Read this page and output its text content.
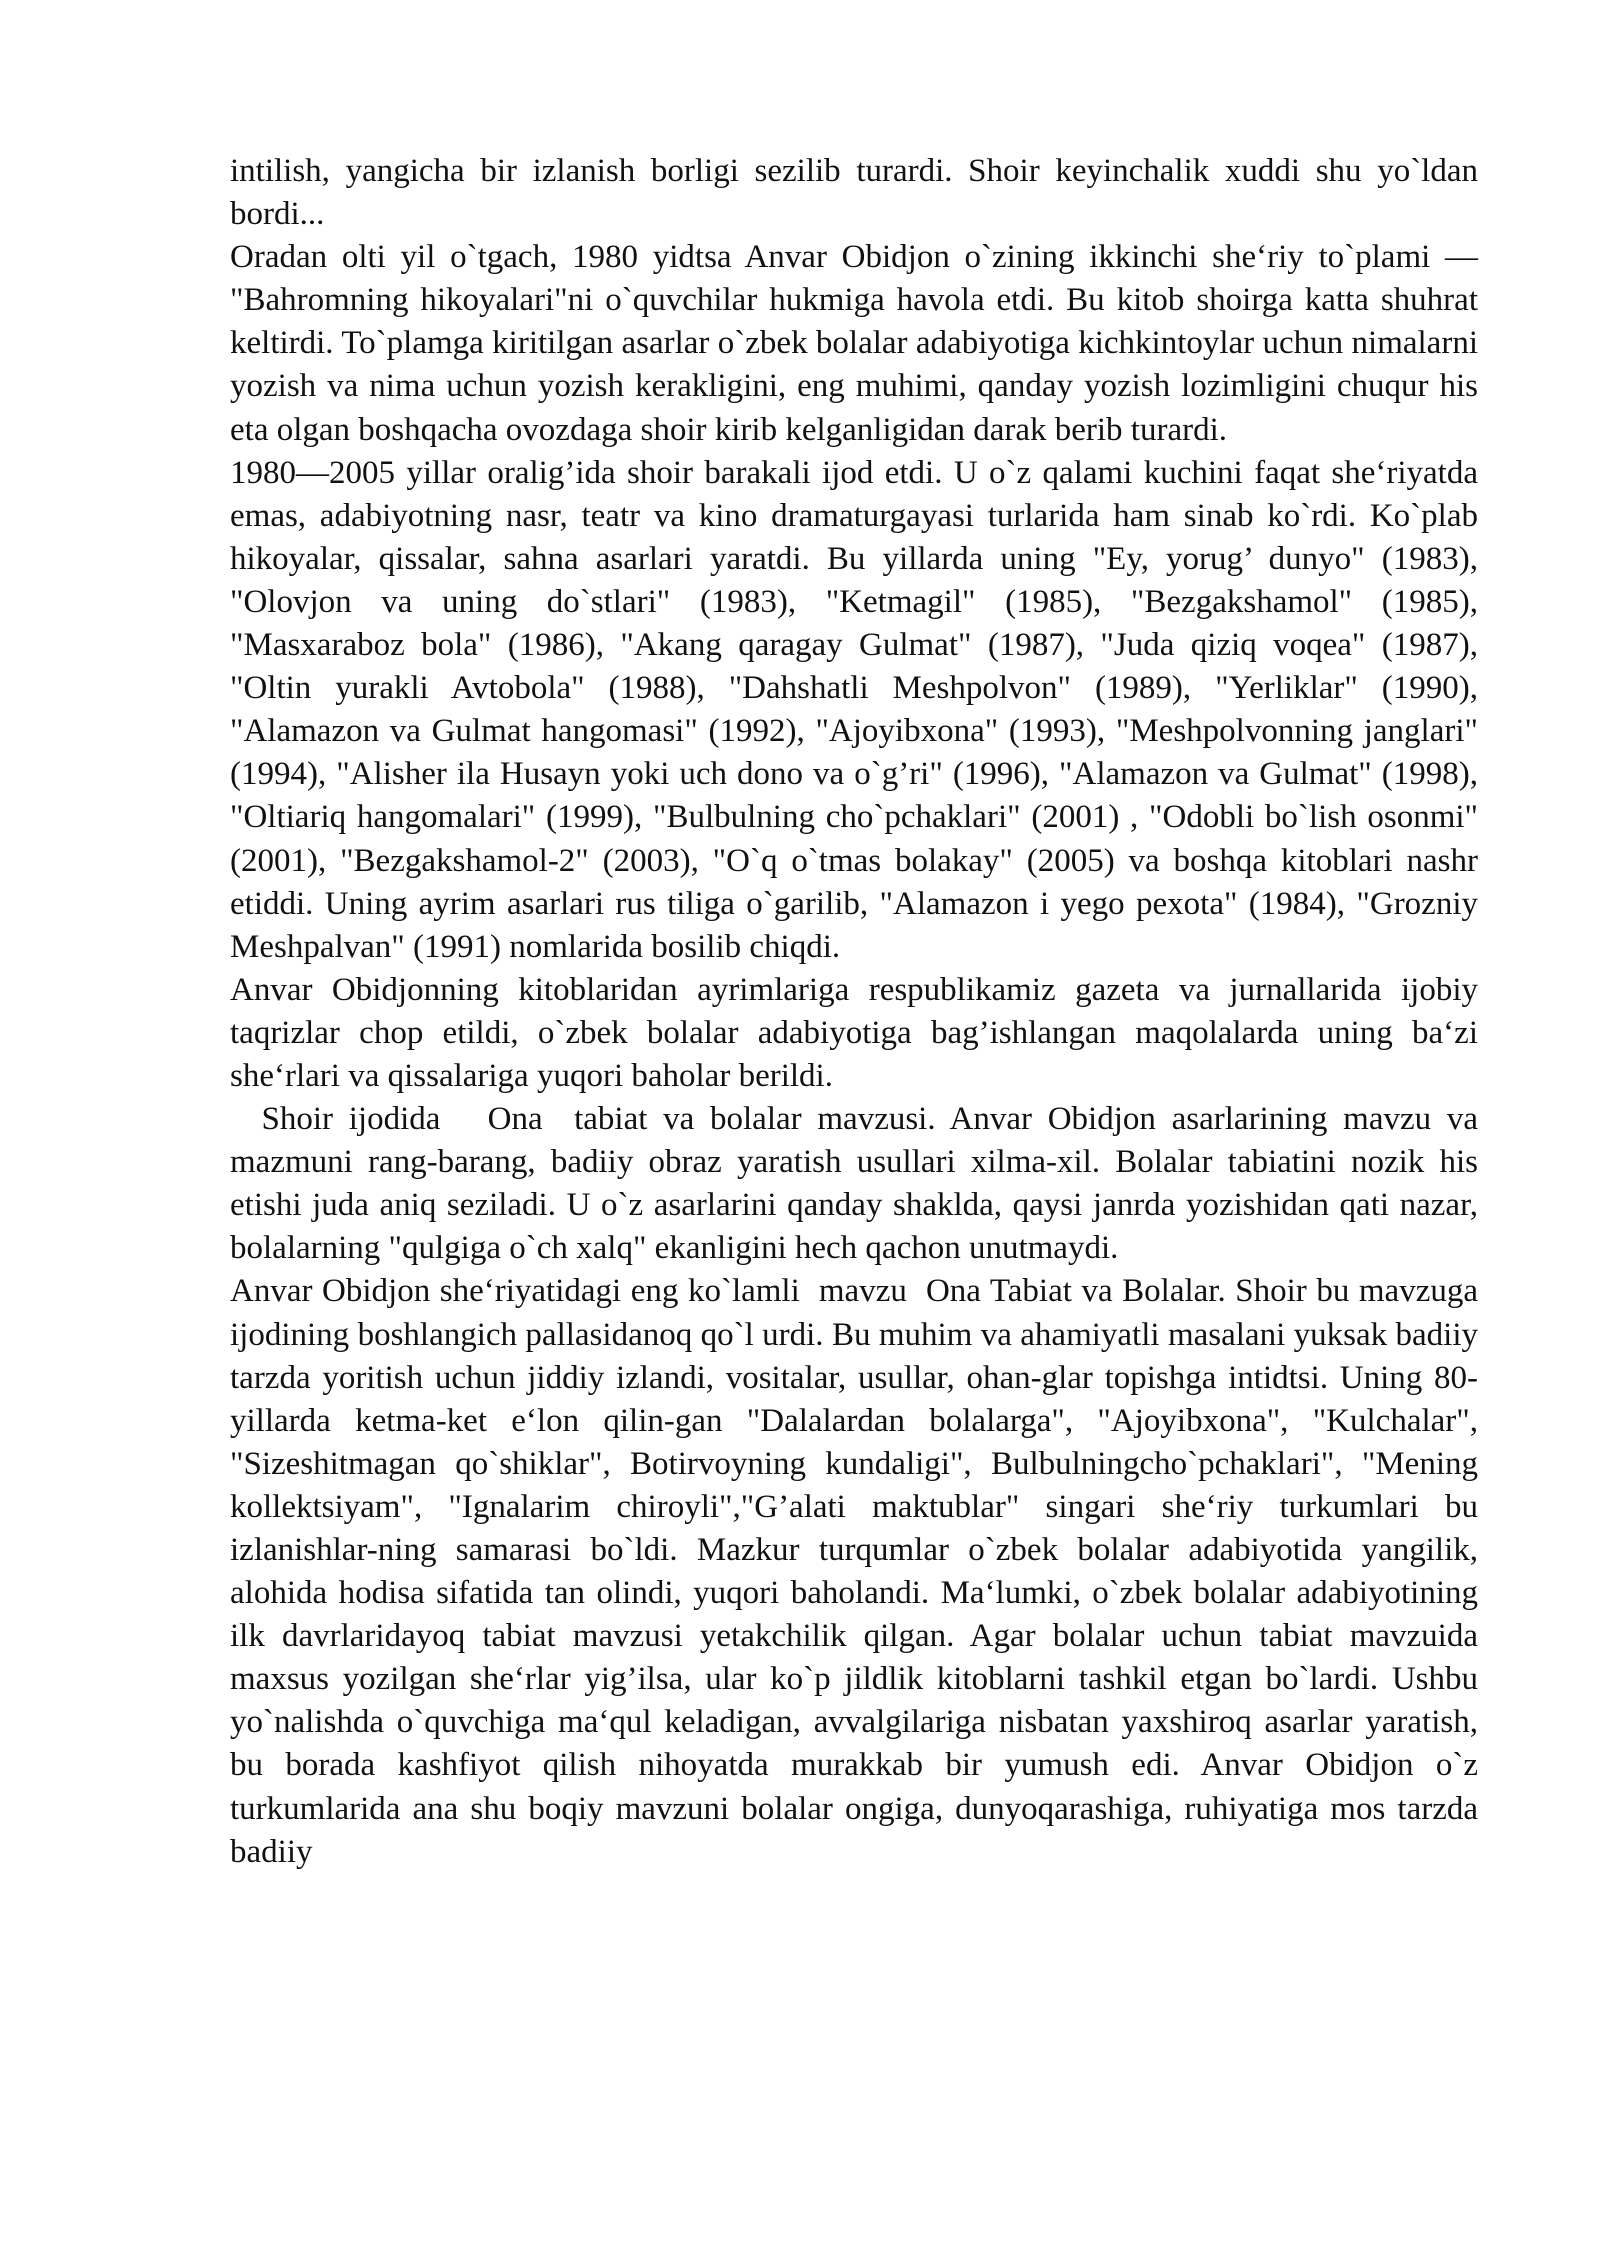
intilish, yangicha bir izlanish borligi sezilib turardi. Shoir keyinchalik xuddi shu yo`ldan bordi...

Oradan olti yil o`tgach, 1980 yidtsa Anvar Obidjon o`zining ikkinchi she‘riy to`plami — "Bahromning hikoyalari"ni o`quvchilar hukmiga havola etdi. Bu kitob shoirga katta shuhrat keltirdi. To`plamga kiritilgan asarlar o`zbek bolalar adabiyotiga kichkintoylar uchun nimalarni yozish va nima uchun yozish kerakligini, eng muhimi, qanday yozish lozimligini chuqur his eta olgan boshqacha ovozdaga shoir kirib kelganligidan darak berib turardi.

1980—2005 yillar oralig’ida shoir barakali ijod etdi. U o`z qalami kuchini faqat she‘riyatda emas, adabiyotning nasr, teatr va kino dramaturgayasi turlarida ham sinab ko`rdi. Ko`plab hikoyalar, qissalar, sahna asarlari yaratdi. Bu yillarda uning "Ey, yorug’ dunyo" (1983), "Olovjon va uning do`stlari" (1983), "Ketmagil" (1985), "Bezgakshamol" (1985), "Masxaraboz bola" (1986), "Akang qaragay Gulmat" (1987), "Juda qiziq voqea" (1987), "Oltin yurakli Avtobola" (1988), "Dahshatli Meshpolvon" (1989), "Yerliklar" (1990), "Alamazon va Gulmat hangomasi" (1992), "Ajoyibxona" (1993), "Meshpolvonning janglari" (1994), "Alisher ila Husayn yoki uch dono va o`g’ri" (1996), "Alamazon va Gulmat" (1998), "Oltiariq hangomalari" (1999), "Bulbulning cho`pchaklari" (2001) , "Odobli bo`lish osonmi" (2001), "Bezgakshamol-2" (2003), "O`q o`tmas bolakay" (2005) va boshqa kitoblari nashr etiddi. Uning ayrim asarlari rus tiliga o`garilib, "Alamazon i yego pexota" (1984), "Grozniy Meshpalvan" (1991) nomlarida bosilib chiqdi.

Anvar Obidjonning kitoblaridan ayrimlariga respublikamiz gazeta va jurnallarida ijobiy taqrizlar chop etildi, o`zbek bolalar adabiyotiga bag’ishlangan maqolalarda uning ba‘zi she‘rlari va qissalariga yuqori baholar berildi.

Shoir ijodida   Ona  tabiat va bolalar mavzusi. Anvar Obidjon asarlarining mavzu va mazmuni rang-barang, badiiy obraz yaratish usullari xilma-xil. Bolalar tabiatini nozik his etishi juda aniq seziladi. U o`z asarlarini qanday shaklda, qaysi janrda yozishidan qati nazar, bolalarning "qulgiga o`ch xalq" ekanligini hech qachon unutmaydi.

Anvar Obidjon she‘riyatidagi eng ko`lamli  mavzu  Ona Tabiat va Bolalar. Shoir bu mavzuga ijodining boshlangich pallasidanoq qo`l urdi. Bu muhim va ahamiyatli masalani yuksak badiiy tarzda yoritish uchun jiddiy izlandi, vositalar, usullar, ohan-glar topishga intidtsi. Uning 80-yillarda ketma-ket e‘lon qilin-gan "Dalalardan bolalarga", "Ajoyibxona", "Kulchalar", "Sizeshitmagan qo`shiklar", Botirvoyning kundaligi", Bulbulningcho`pchaklari", "Mening kollektsiyam", "Ignalarim chiroyli","G’alati maktublar" singari she‘riy turkumlari bu izlanishlar-ning samarasi bo`ldi. Mazkur turqumlar o`zbek bolalar adabiyotida yangilik, alohida hodisa sifatida tan olindi, yuqori baholandi. Ma‘lumki, o`zbek bolalar adabiyotining ilk davrlaridayoq tabiat mavzusi yetakchilik qilgan. Agar bolalar uchun tabiat mavzuida maxsus yozilgan she‘rlar yig’ilsa, ular ko`p jildlik kitoblarni tashkil etgan bo`lardi. Ushbu yo`nalishda o`quvchiga ma‘qul keladigan, avvalgilariga nisbatan yaxshiroq asarlar yaratish, bu borada kashfiyot qilish nihoyatda murakkab bir yumush edi. Anvar Obidjon o`z turkumlarida ana shu boqiy mavzuni bolalar ongiga, dunyoqarashiga, ruhiyatiga mos tarzda badiiy
